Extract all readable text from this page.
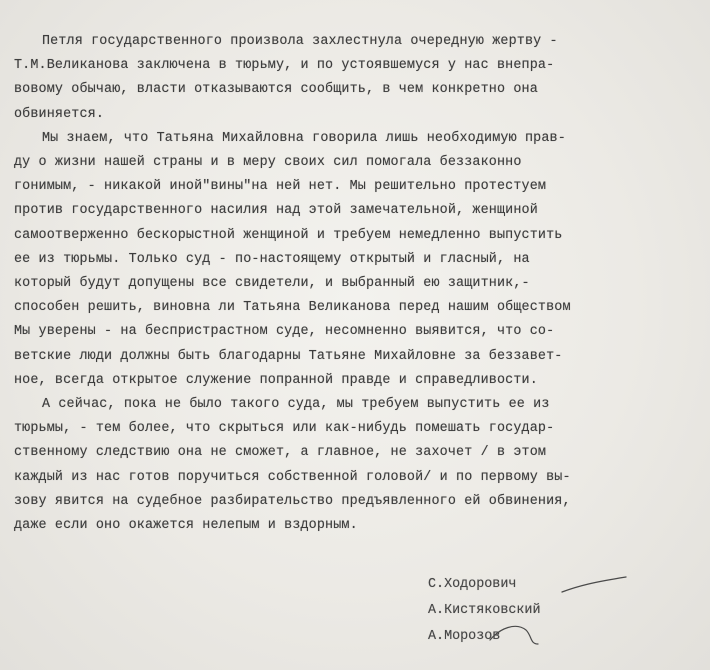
Петля государственного произвола захлестнула очередную жертву -
Т.М.Великанова заключена в тюрьму, и по устоявшемуся у нас внепра-
вовому обычаю, власти отказываются сообщить, в чем конкретно она
обвиняется.
Мы знаем, что Татьяна Михайловна говорила лишь необходимую прав-
ду о жизни нашей страны и в меру своих сил помогала беззаконно
гонимым, - никакой иной"вины"на ней нет. Мы решительно протестуем
против государственного насилия над этой замечательной, женщиной
самоотверженно бескорыстной женщиной и требуем немедленно выпустить
ее из тюрьмы. Только суд - по-настоящему открытый и гласный, на
который будут допущены все свидетели, и выбранный ею защитник,-
способен решить, виновна ли Татьяна Великанова перед нашим обществом
Мы уверены - на беспристрастном суде, несомненно выявится, что со-
ветские люди должны быть благодарны Татьяне Михайловне за беззавет-
ное, всегда открытое служение попранной правде и справедливости.
А сейчас, пока не было такого суда, мы требуем выпустить ее из
тюрьмы, - тем более, что скрыться или как-нибудь помешать государ-
ственному следствию она не сможет, а главное, не захочет / в этом
каждый из нас готов поручиться собственной головой/ и по первому вы-
зову явится на судебное разбирательство предъявленного ей обвинения,
даже если оно окажется нелепым и вздорным.
С.Ходорович
А.Кистяковский
А.Морозов
